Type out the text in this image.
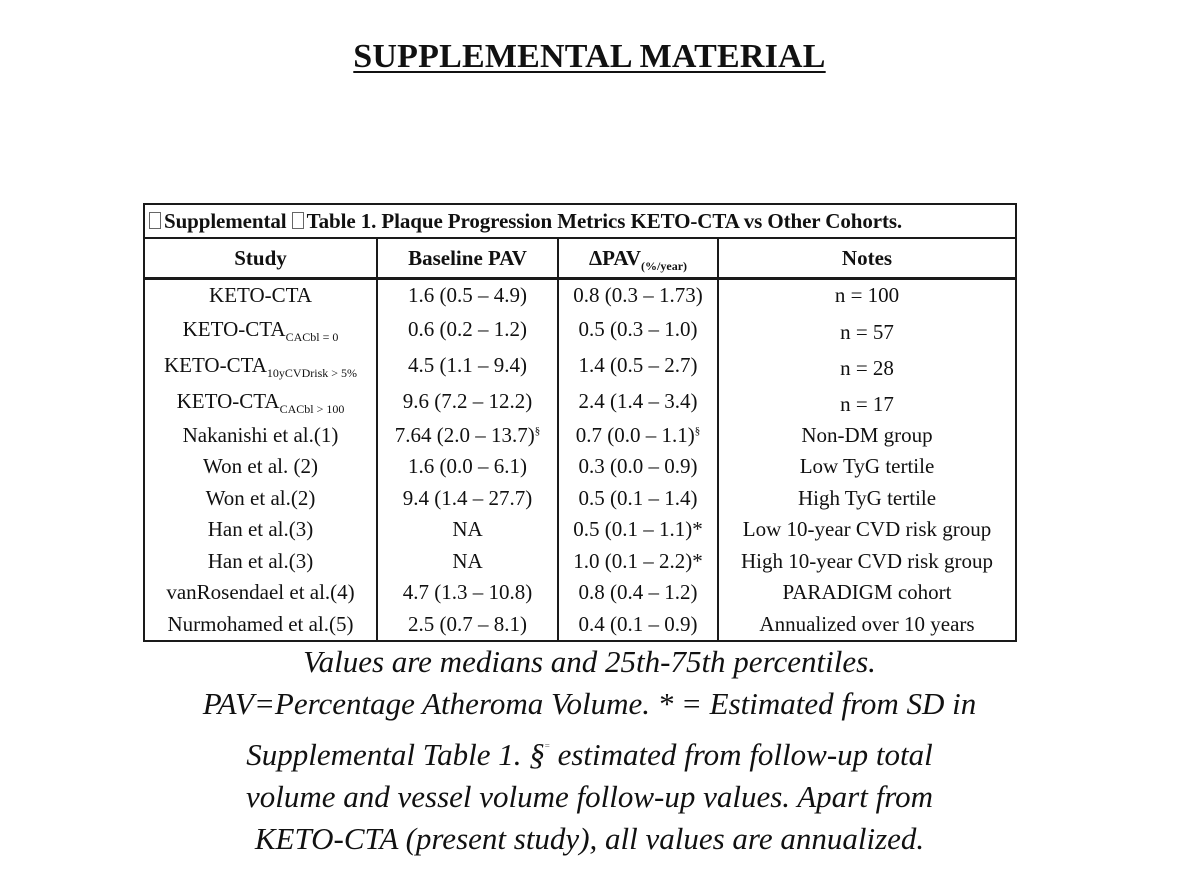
SUPPLEMENTAL MATERIAL
Supplemental Table 1. Plaque Progression Metrics KETO-CTA vs Other Cohorts.			
Study	Baseline PAV	$\Delta PAV_{(\%/year)}$	Notes
KETO-CTA	1.6 (0.5 – 4.9)	0.8 (0.3 – 1.73)	n = 100
KETO-$CTA_{CACbl = 0}$	0.6 (0.2 – 1.2)	0.5 (0.3 – 1.0)	n = 57
KETO-$CTA_{10yCVDrisk > 5\%}$	4.5 (1.1 – 9.4)	1.4 (0.5 – 2.7)	n = 28
KETO-$CTA_{CACbl > 100}$	9.6 (7.2 – 12.2)	2.4 (1.4 – 3.4)	n = 17
Nakanishi et al.(1)	7.64 (2.0 – 13.7)§	0.7 (0.0 – 1.1)§	Non-DM group
Won et al. (2)	1.6 (0.0 – 6.1)	0.3 (0.0 – 0.9)	Low TyG tertile
Won et al.(2)	9.4 (1.4 – 27.7)	0.5 (0.1 – 1.4)	High TyG tertile
Han et al.(3)	NA	0.5 (0.1 – 1.1)*	Low 10-year CVD risk group
Han et al.(3)	NA	1.0 (0.1 – 2.2)*	High 10-year CVD risk group
vanRosendael et al.(4)	4.7 (1.3 – 10.8)	0.8 (0.4 – 1.2)	PARADIGM cohort
Nurmohamed et al.(5)	2.5 (0.7 – 8.1)	0.4 (0.1 – 0.9)	Annualized over 10 years
Values are medians and 25th-75th percentiles.
PAV=Percentage Atheroma Volume. * = Estimated from SD in
Supplemental Table 1. §= estimated from follow-up total
volume and vessel volume follow-up values. Apart from
KETO-CTA (present study), all values are annualized.
